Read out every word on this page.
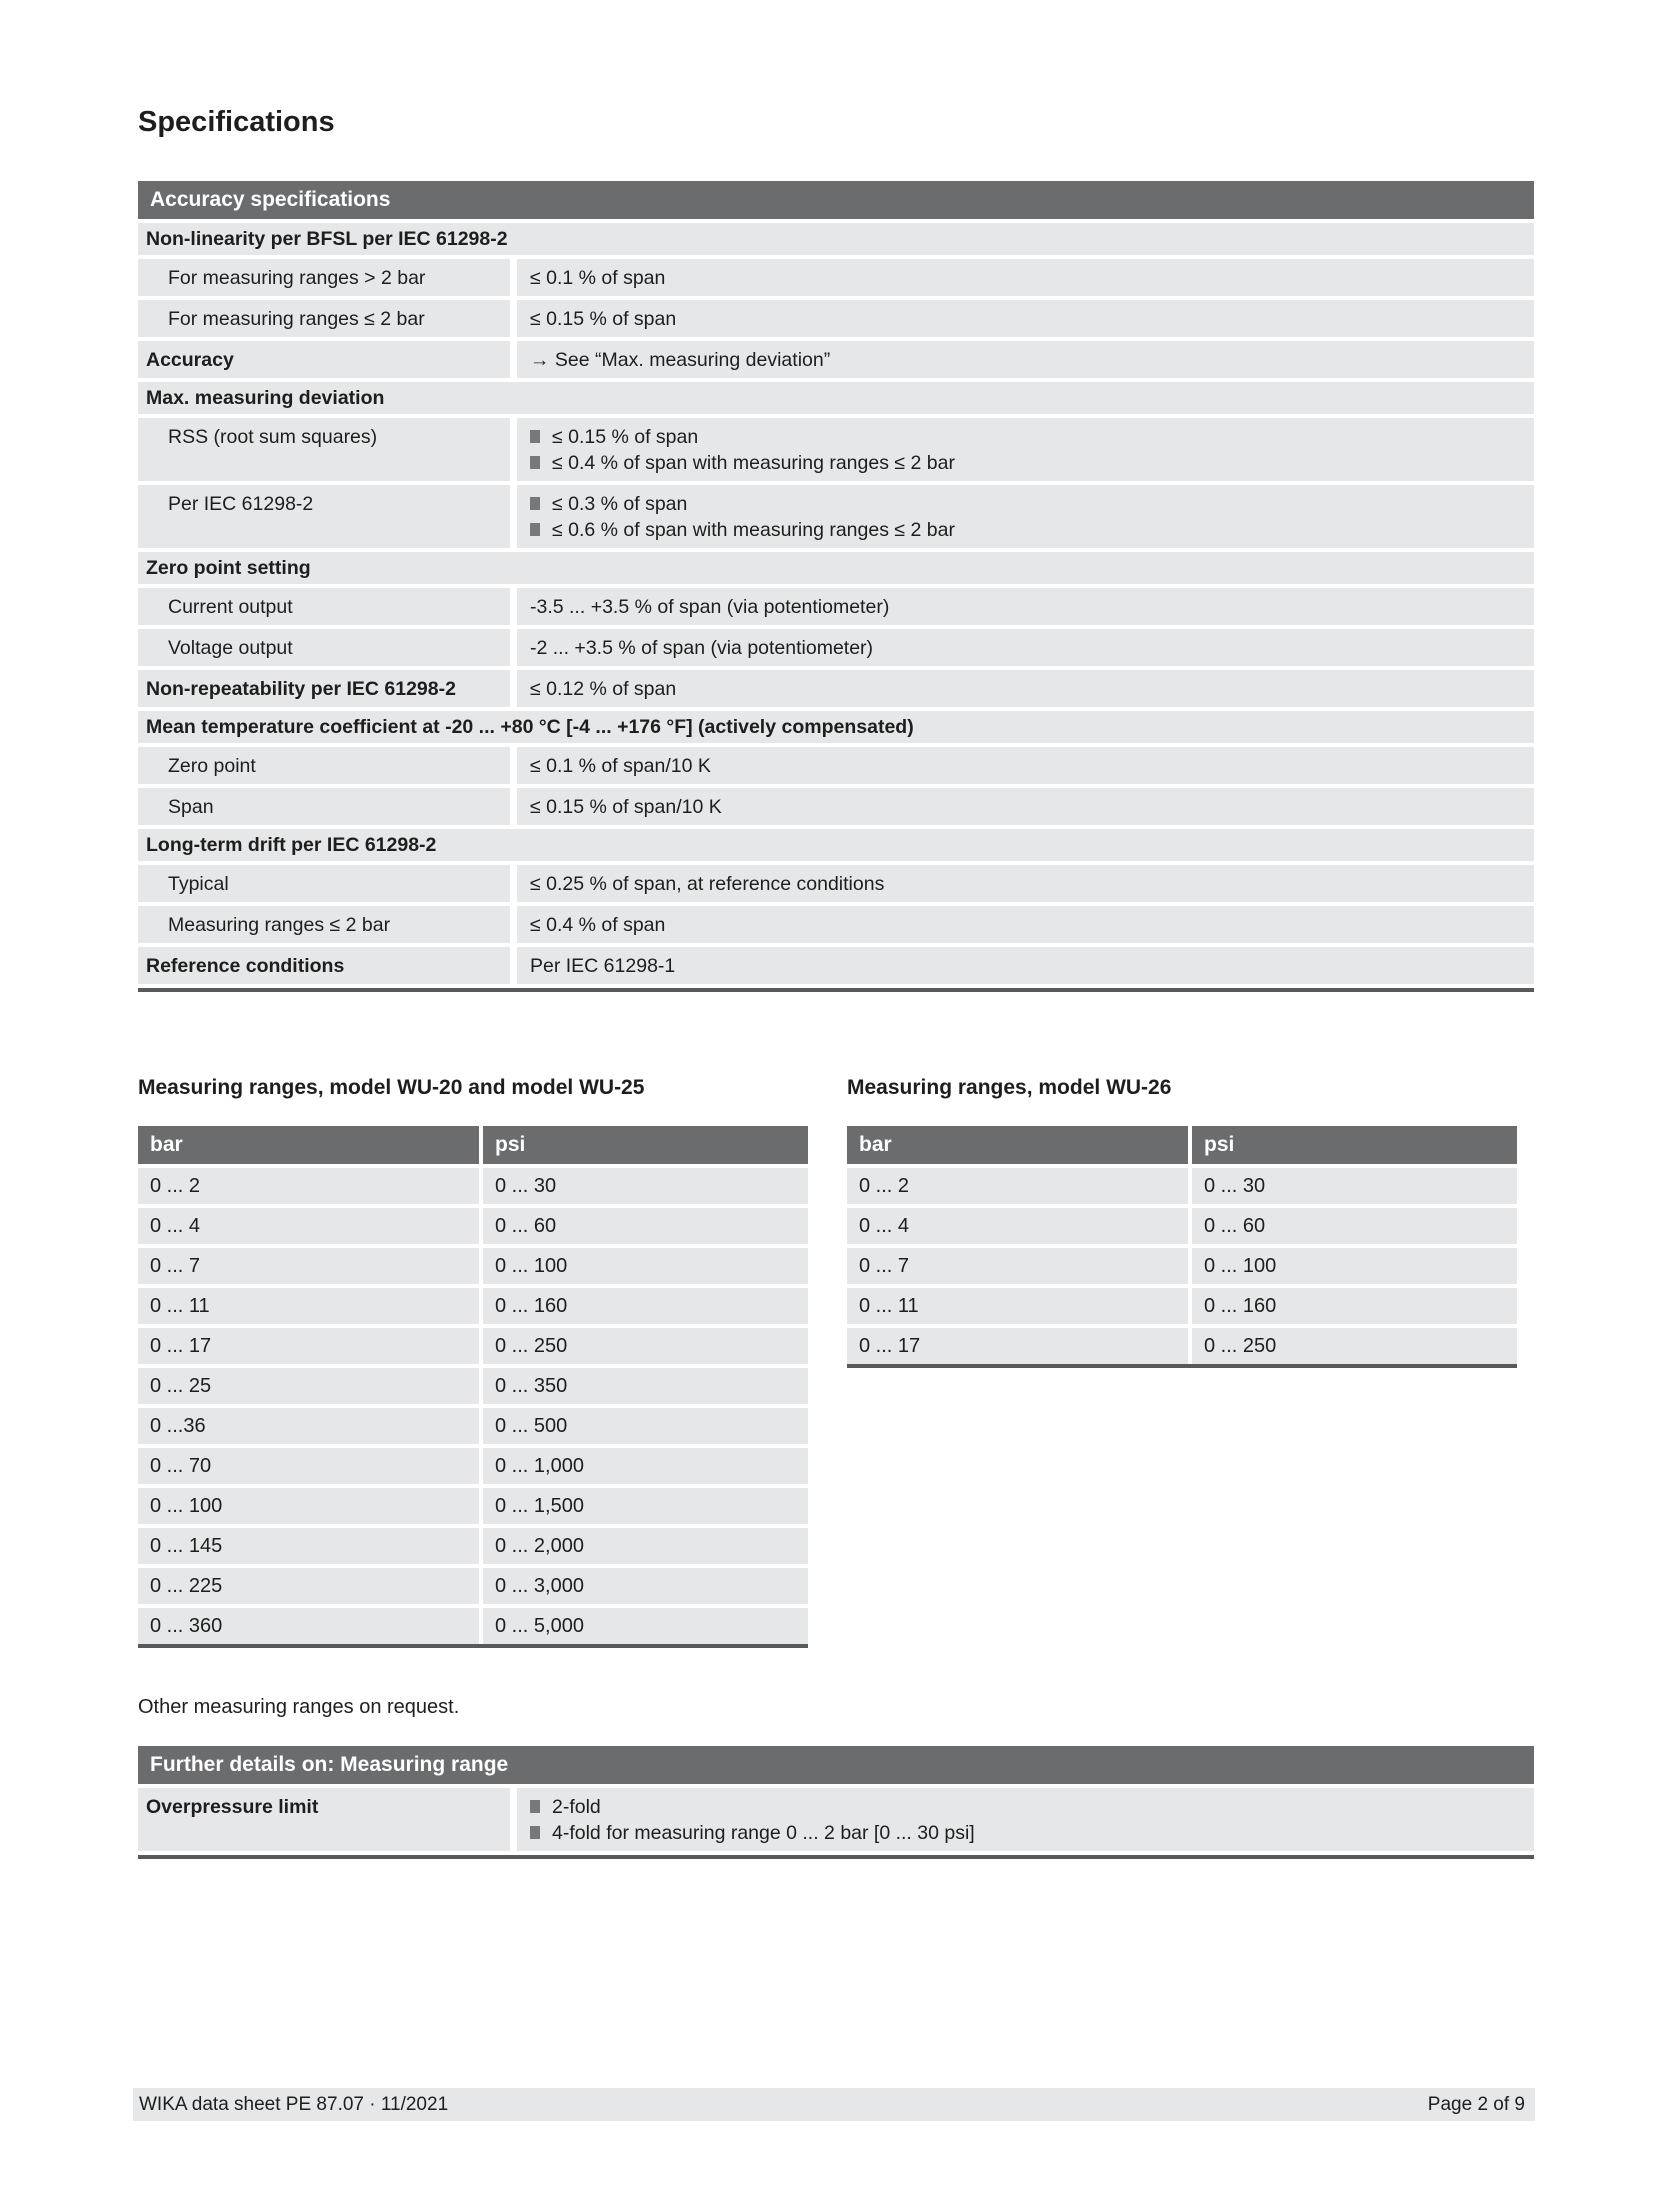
Specifications
Accuracy specifications
Non-linearity per BFSL per IEC 61298-2
For measuring ranges > 2 bar	≤ 0.1 % of span
For measuring ranges ≤ 2 bar	≤ 0.15 % of span
Accuracy	→ See “Max. measuring deviation”
Max. measuring deviation
RSS (root sum squares)	≤ 0.15 % of span
≤ 0.4 % of span with measuring ranges ≤ 2 bar
Per IEC 61298-2	≤ 0.3 % of span
≤ 0.6 % of span with measuring ranges ≤ 2 bar
Zero point setting
Current output	-3.5 ... +3.5 % of span (via potentiometer)
Voltage output	-2 ... +3.5 % of span (via potentiometer)
Non-repeatability per IEC 61298-2	≤ 0.12 % of span
Mean temperature coefficient at -20 ... +80 °C [-4 ... +176 °F] (actively compensated)
Zero point	≤ 0.1 % of span/10 K
Span	≤ 0.15 % of span/10 K
Long-term drift per IEC 61298-2
Typical	≤ 0.25 % of span, at reference conditions
Measuring ranges ≤ 2 bar	≤ 0.4 % of span
Reference conditions	Per IEC 61298-1
Measuring ranges, model WU-20 and model WU-25
bar	psi
0 ... 2	0 ... 30
0 ... 4	0 ... 60
0 ... 7	0 ... 100
0 ... 11	0 ... 160
0 ... 17	0 ... 250
0 ... 25	0 ... 350
0 ...36	0 ... 500
0 ... 70	0 ... 1,000
0 ... 100	0 ... 1,500
0 ... 145	0 ... 2,000
0 ... 225	0 ... 3,000
0 ... 360	0 ... 5,000
Measuring ranges, model WU-26
bar	psi
0 ... 2	0 ... 30
0 ... 4	0 ... 60
0 ... 7	0 ... 100
0 ... 11	0 ... 160
0 ... 17	0 ... 250
Other measuring ranges on request.
Further details on: Measuring range
Overpressure limit	2-fold
4-fold for measuring range 0 ... 2 bar [0 ... 30 psi]
WIKA data sheet PE 87.07 · 11/2021	Page 2 of 9
